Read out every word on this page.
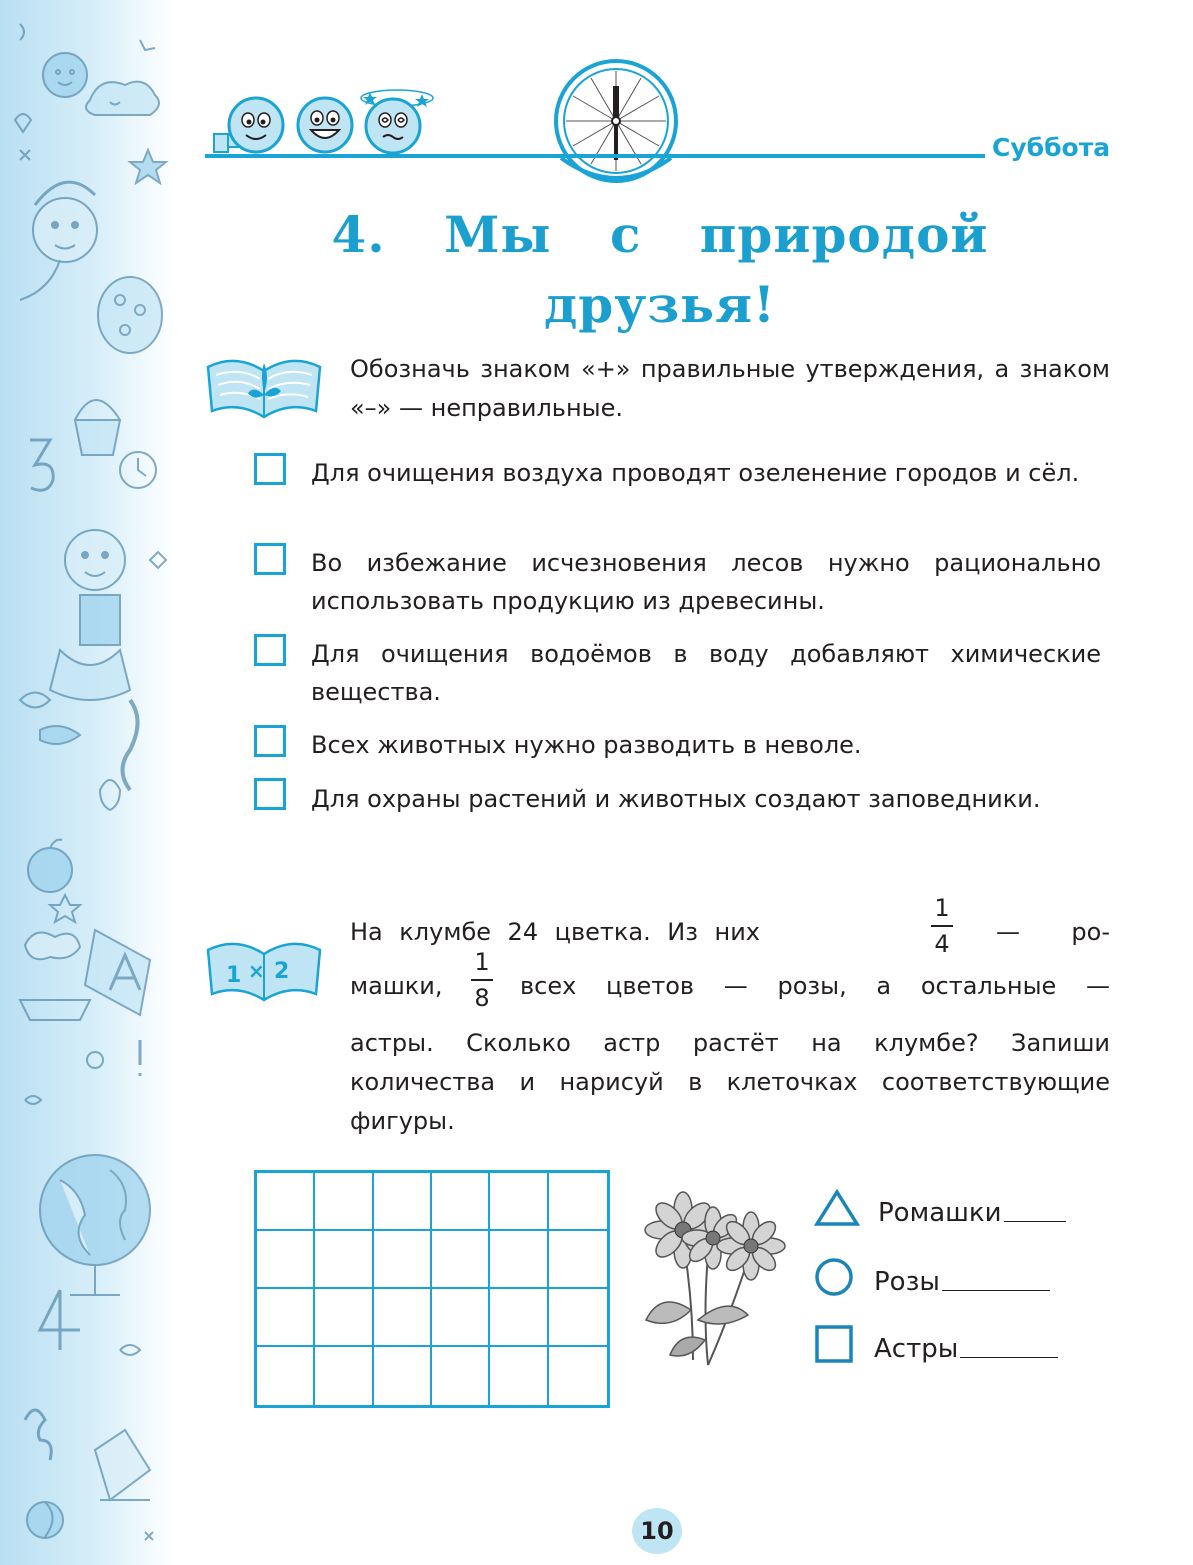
Суббота
4. Мы с природой
друзья!
Обозначь знаком «+» правильные утверждения, а знаком «–» — неправильные.
Для очищения воздуха проводят озеленение городов и сёл.
Во избежание исчезновения лесов нужно рационально использовать продукцию из древесины.
Для очищения водоёмов в воду добавляют химические вещества.
Всех животных нужно разводить в неволе.
Для охраны растений и животных создают заповедники.
1 × 2
На клумбе 24 цветка. Из них	— ро-
1
4
машки,	всех цветов — розы, а остальные —
1
8
астры. Сколько астр растёт на клумбе? Запиши количества и нарисуй в клеточках соответствующие фигуры.
Ромашки
Розы
Астры
10
